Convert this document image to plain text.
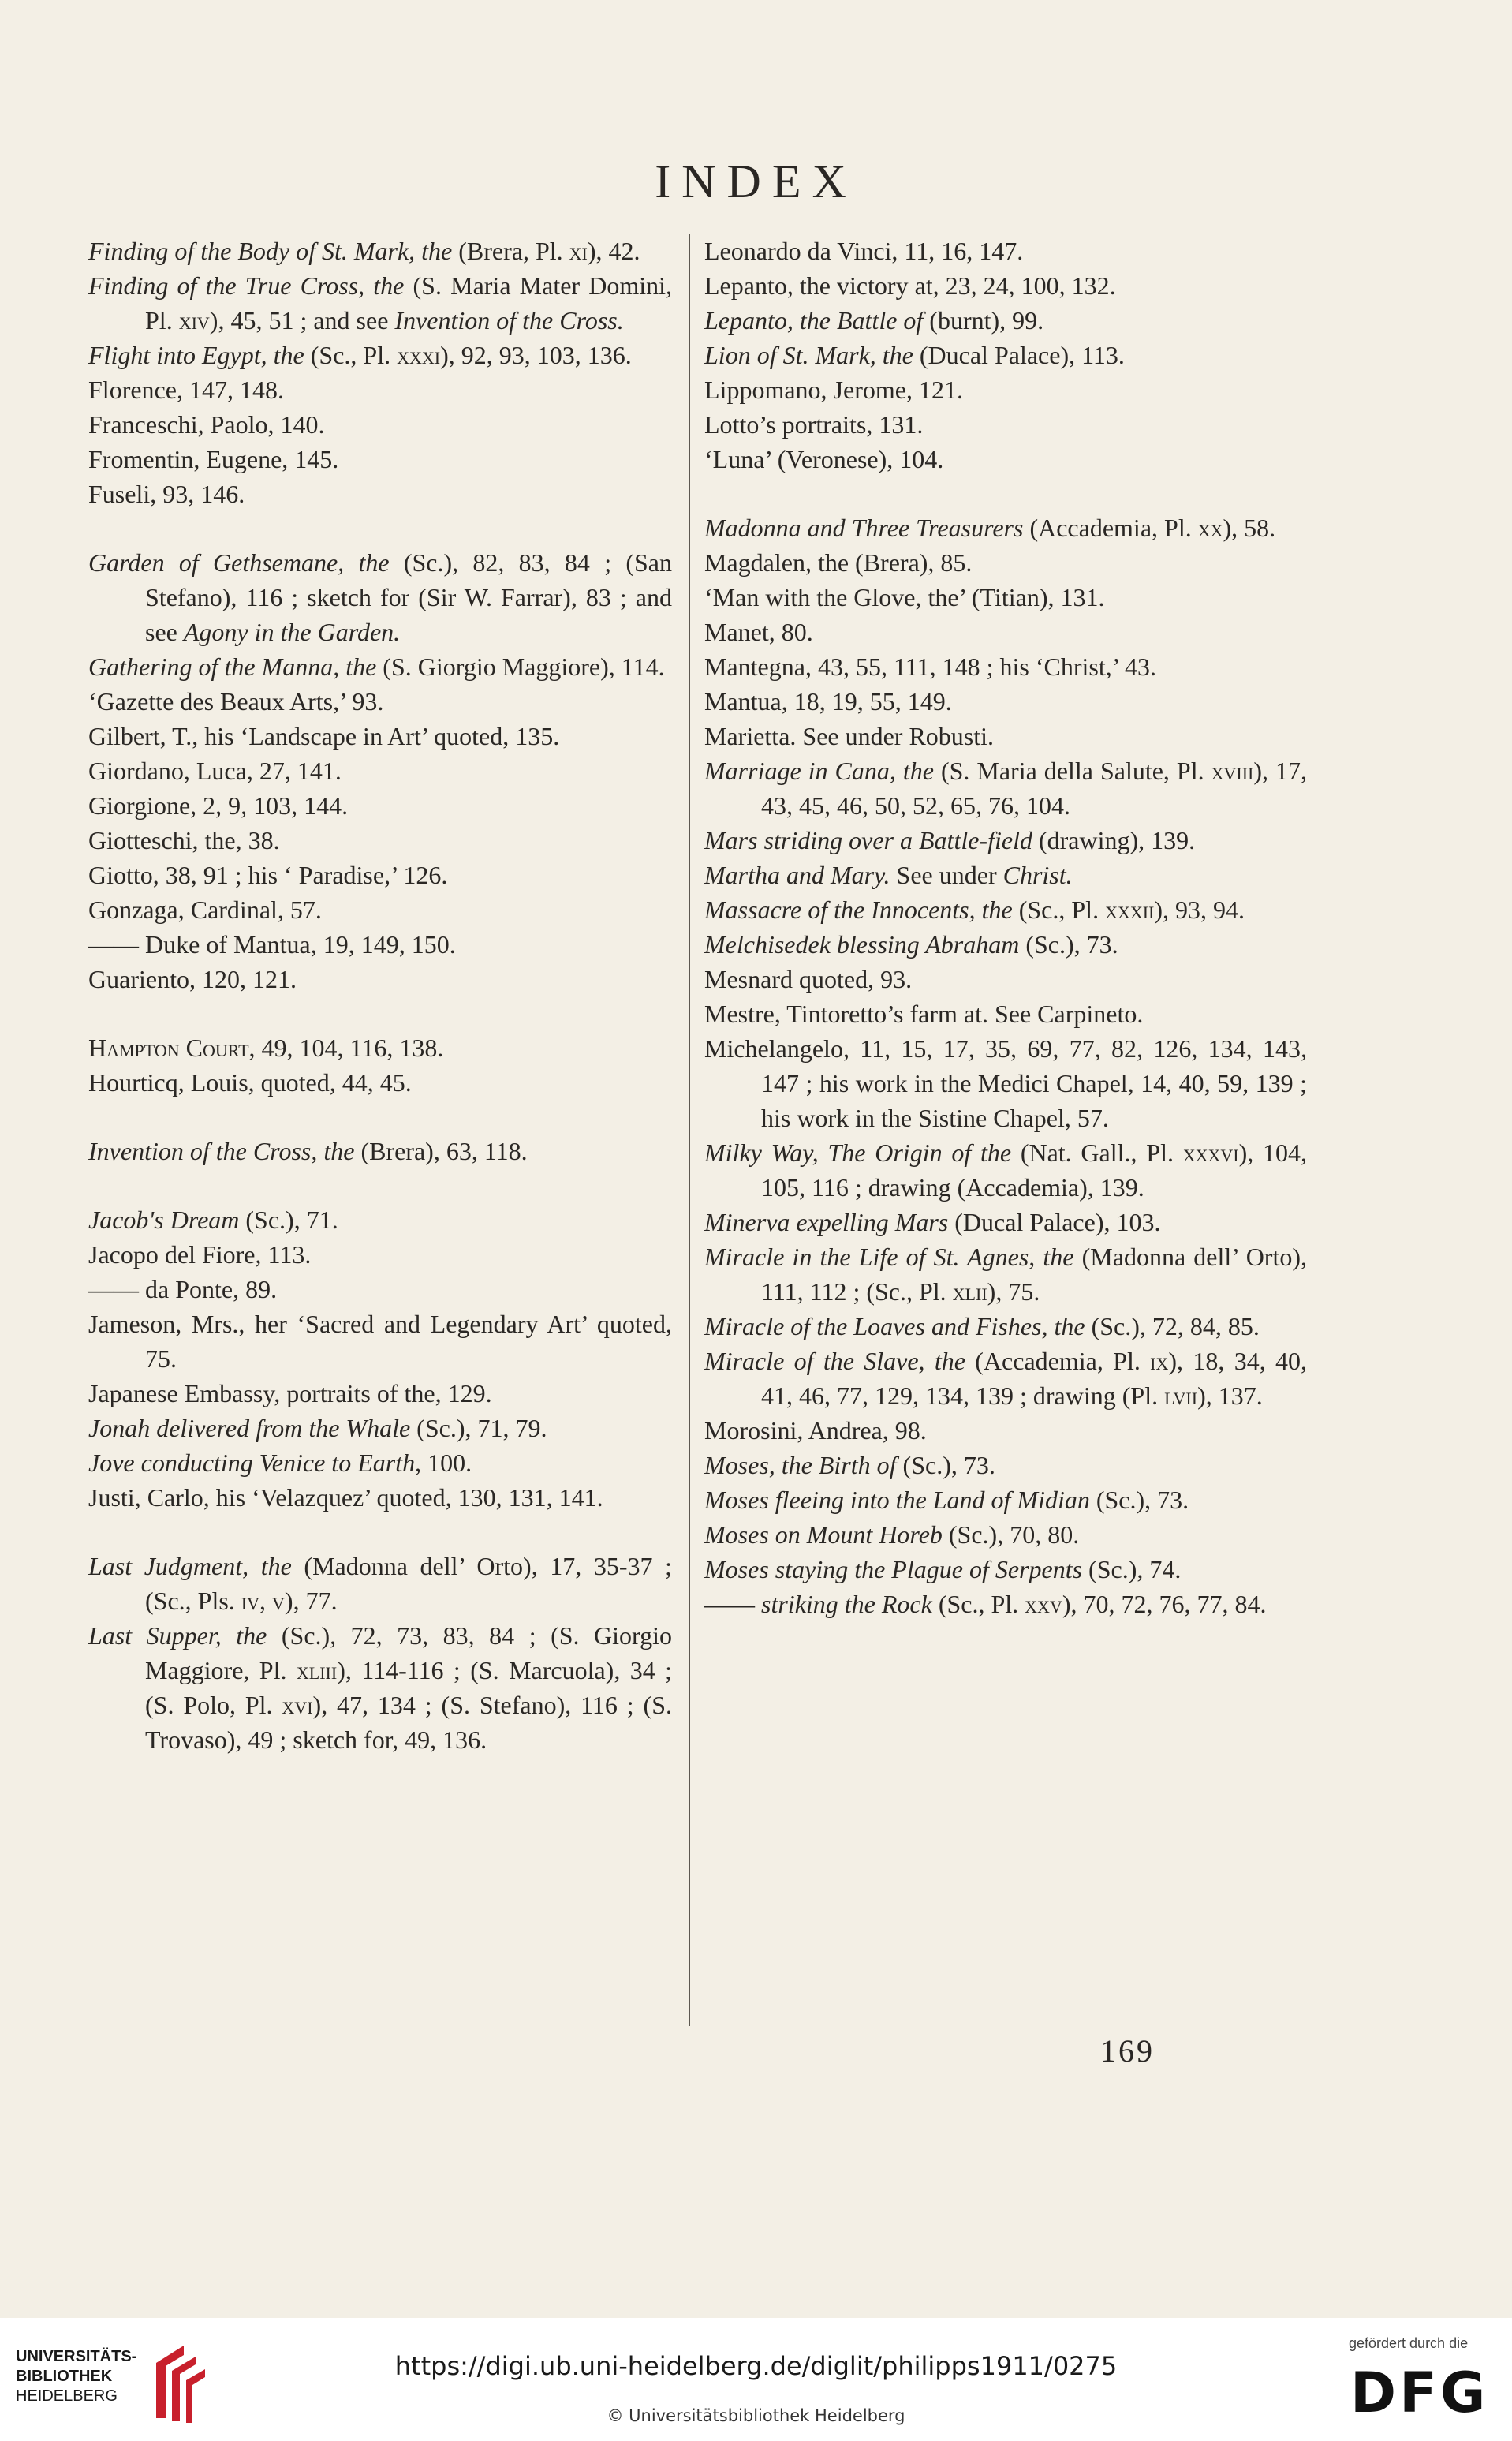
INDEX
Finding of the Body of St. Mark, the (Brera, Pl. xi), 42.
Finding of the True Cross, the (S. Maria Mater Domini, Pl. xiv), 45, 51 ; and see Invention of the Cross.
Flight into Egypt, the (Sc., Pl. xxxi), 92, 93, 103, 136.
Florence, 147, 148.
Franceschi, Paolo, 140.
Fromentin, Eugene, 145.
Fuseli, 93, 146.
Garden of Gethsemane, the (Sc.), 82, 83, 84 ; (San Stefano), 116 ; sketch for (Sir W. Farrar), 83 ; and see Agony in the Garden.
Gathering of the Manna, the (S. Giorgio Maggiore), 114.
‘Gazette des Beaux Arts,’ 93.
Gilbert, T., his ‘Landscape in Art’ quoted, 135.
Giordano, Luca, 27, 141.
Giorgione, 2, 9, 103, 144.
Giotteschi, the, 38.
Giotto, 38, 91 ; his ‘ Paradise,’ 126.
Gonzaga, Cardinal, 57.
—— Duke of Mantua, 19, 149, 150.
Guariento, 120, 121.
Hampton Court, 49, 104, 116, 138.
Hourticq, Louis, quoted, 44, 45.
Invention of the Cross, the (Brera), 63, 118.
Jacob's Dream (Sc.), 71.
Jacopo del Fiore, 113.
—— da Ponte, 89.
Jameson, Mrs., her ‘Sacred and Legendary Art’ quoted, 75.
Japanese Embassy, portraits of the, 129.
Jonah delivered from the Whale (Sc.), 71, 79.
Jove conducting Venice to Earth, 100.
Justi, Carlo, his ‘Velazquez’ quoted, 130, 131, 141.
Last Judgment, the (Madonna dell’ Orto), 17, 35-37 ; (Sc., Pls. iv, v), 77.
Last Supper, the (Sc.), 72, 73, 83, 84 ; (S. Giorgio Maggiore, Pl. xliii), 114-116 ; (S. Marcuola), 34 ; (S. Polo, Pl. xvi), 47, 134 ; (S. Stefano), 116 ; (S. Trovaso), 49 ; sketch for, 49, 136.
Leonardo da Vinci, 11, 16, 147.
Lepanto, the victory at, 23, 24, 100, 132.
Lepanto, the Battle of (burnt), 99.
Lion of St. Mark, the (Ducal Palace), 113.
Lippomano, Jerome, 121.
Lotto’s portraits, 131.
‘Luna’ (Veronese), 104.
Madonna and Three Treasurers (Accademia, Pl. xx), 58.
Magdalen, the (Brera), 85.
‘Man with the Glove, the’ (Titian), 131.
Manet, 80.
Mantegna, 43, 55, 111, 148 ; his ‘Christ,’ 43.
Mantua, 18, 19, 55, 149.
Marietta. See under Robusti.
Marriage in Cana, the (S. Maria della Salute, Pl. xviii), 17, 43, 45, 46, 50, 52, 65, 76, 104.
Mars striding over a Battle-field (drawing), 139.
Martha and Mary. See under Christ.
Massacre of the Innocents, the (Sc., Pl. xxxii), 93, 94.
Melchisedek blessing Abraham (Sc.), 73.
Mesnard quoted, 93.
Mestre, Tintoretto’s farm at. See Carpineto.
Michelangelo, 11, 15, 17, 35, 69, 77, 82, 126, 134, 143, 147 ; his work in the Medici Chapel, 14, 40, 59, 139 ; his work in the Sistine Chapel, 57.
Milky Way, The Origin of the (Nat. Gall., Pl. xxxvi), 104, 105, 116 ; drawing (Accademia), 139.
Minerva expelling Mars (Ducal Palace), 103.
Miracle in the Life of St. Agnes, the (Madonna dell’ Orto), 111, 112 ; (Sc., Pl. xlii), 75.
Miracle of the Loaves and Fishes, the (Sc.), 72, 84, 85.
Miracle of the Slave, the (Accademia, Pl. ix), 18, 34, 40, 41, 46, 77, 129, 134, 139 ; drawing (Pl. lvii), 137.
Morosini, Andrea, 98.
Moses, the Birth of (Sc.), 73.
Moses fleeing into the Land of Midian (Sc.), 73.
Moses on Mount Horeb (Sc.), 70, 80.
Moses staying the Plague of Serpents (Sc.), 74.
—— striking the Rock (Sc., Pl. xxv), 70, 72, 76, 77, 84.
169
UNIVERSITÄTS-
BIBLIOTHEK
HEIDELBERG
https://digi.ub.uni-heidelberg.de/diglit/philipps1911/0275
© Universitätsbibliothek Heidelberg
gefördert durch die
DFG
